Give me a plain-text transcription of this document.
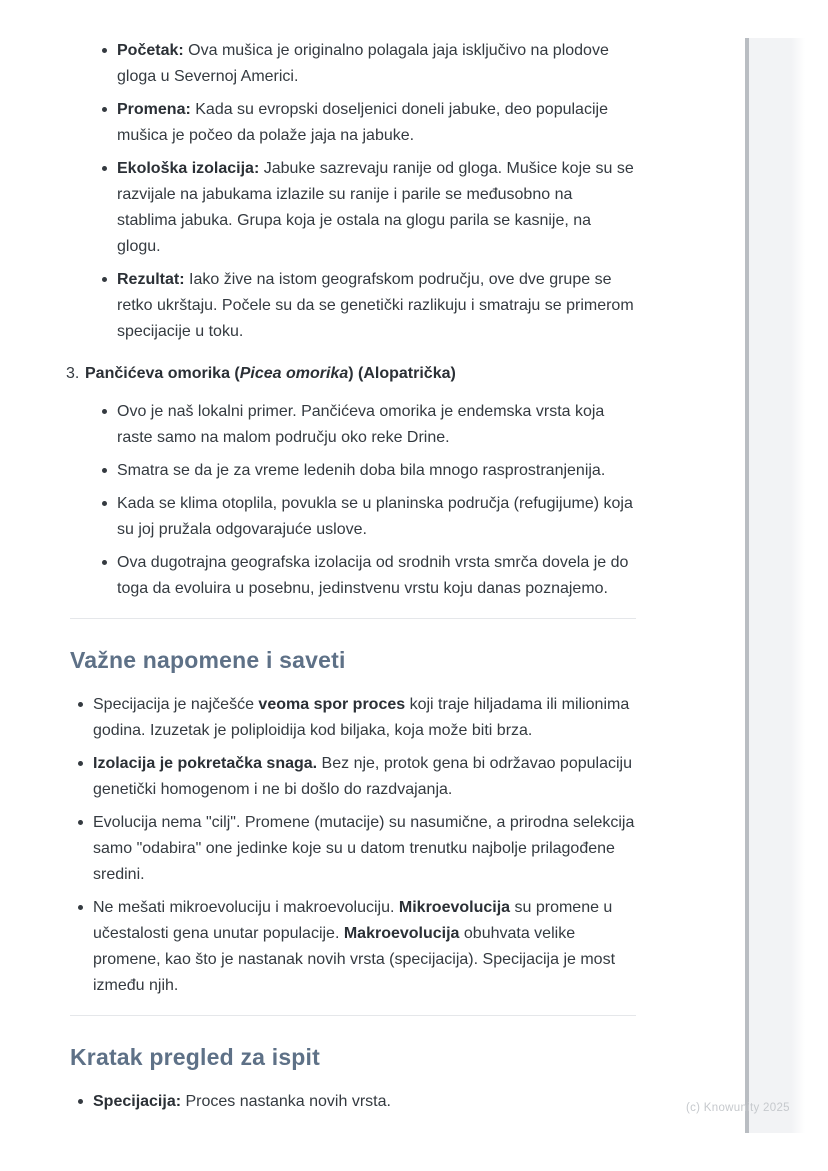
Početak: Ova mušica je originalno polagala jaja isključivo na plodove gloga u Severnoj Americi.
Promena: Kada su evropski doseljenici doneli jabuke, deo populacije mušica je počeo da polaže jaja na jabuke.
Ekološka izolacija: Jabuke sazrevaju ranije od gloga. Mušice koje su se razvijale na jabukama izlazile su ranije i parile se međusobno na stablima jabuka. Grupa koja je ostala na glogu parila se kasnije, na glogu.
Rezultat: Iako žive na istom geografskom području, ove dve grupe se retko ukrštaju. Počele su da se genetički razlikuju i smatraju se primerom specijacije u toku.
3. Pančićeva omorika (Picea omorika) (Alopatrička)
Ovo je naš lokalni primer. Pančićeva omorika je endemska vrsta koja raste samo na malom području oko reke Drine.
Smatra se da je za vreme ledenih doba bila mnogo rasprostranjenija.
Kada se klima otoplila, povukla se u planinska područja (refugijume) koja su joj pružala odgovarajuće uslove.
Ova dugotrajna geografska izolacija od srodnih vrsta smrča dovela je do toga da evoluira u posebnu, jedinstvenu vrstu koju danas poznajemo.
Važne napomene i saveti
Specijacija je najčešće veoma spor proces koji traje hiljadama ili milionima godina. Izuzetak je poliploidija kod biljaka, koja može biti brza.
Izolacija je pokretačka snaga. Bez nje, protok gena bi održavao populaciju genetički homogenom i ne bi došlo do razdvajanja.
Evolucija nema "cilj". Promene (mutacije) su nasumične, a prirodna selekcija samo "odabira" one jedinke koje su u datom trenutku najbolje prilagođene sredini.
Ne mešati mikroevoluciju i makroevoluciju. Mikroevolucija su promene u učestalosti gena unutar populacije. Makroevolucija obuhvata velike promene, kao što je nastanak novih vrsta (specijacija). Specijacija je most između njih.
Kratak pregled za ispit
Specijacija: Proces nastanka novih vrsta.	(c) Knowunity 2025
